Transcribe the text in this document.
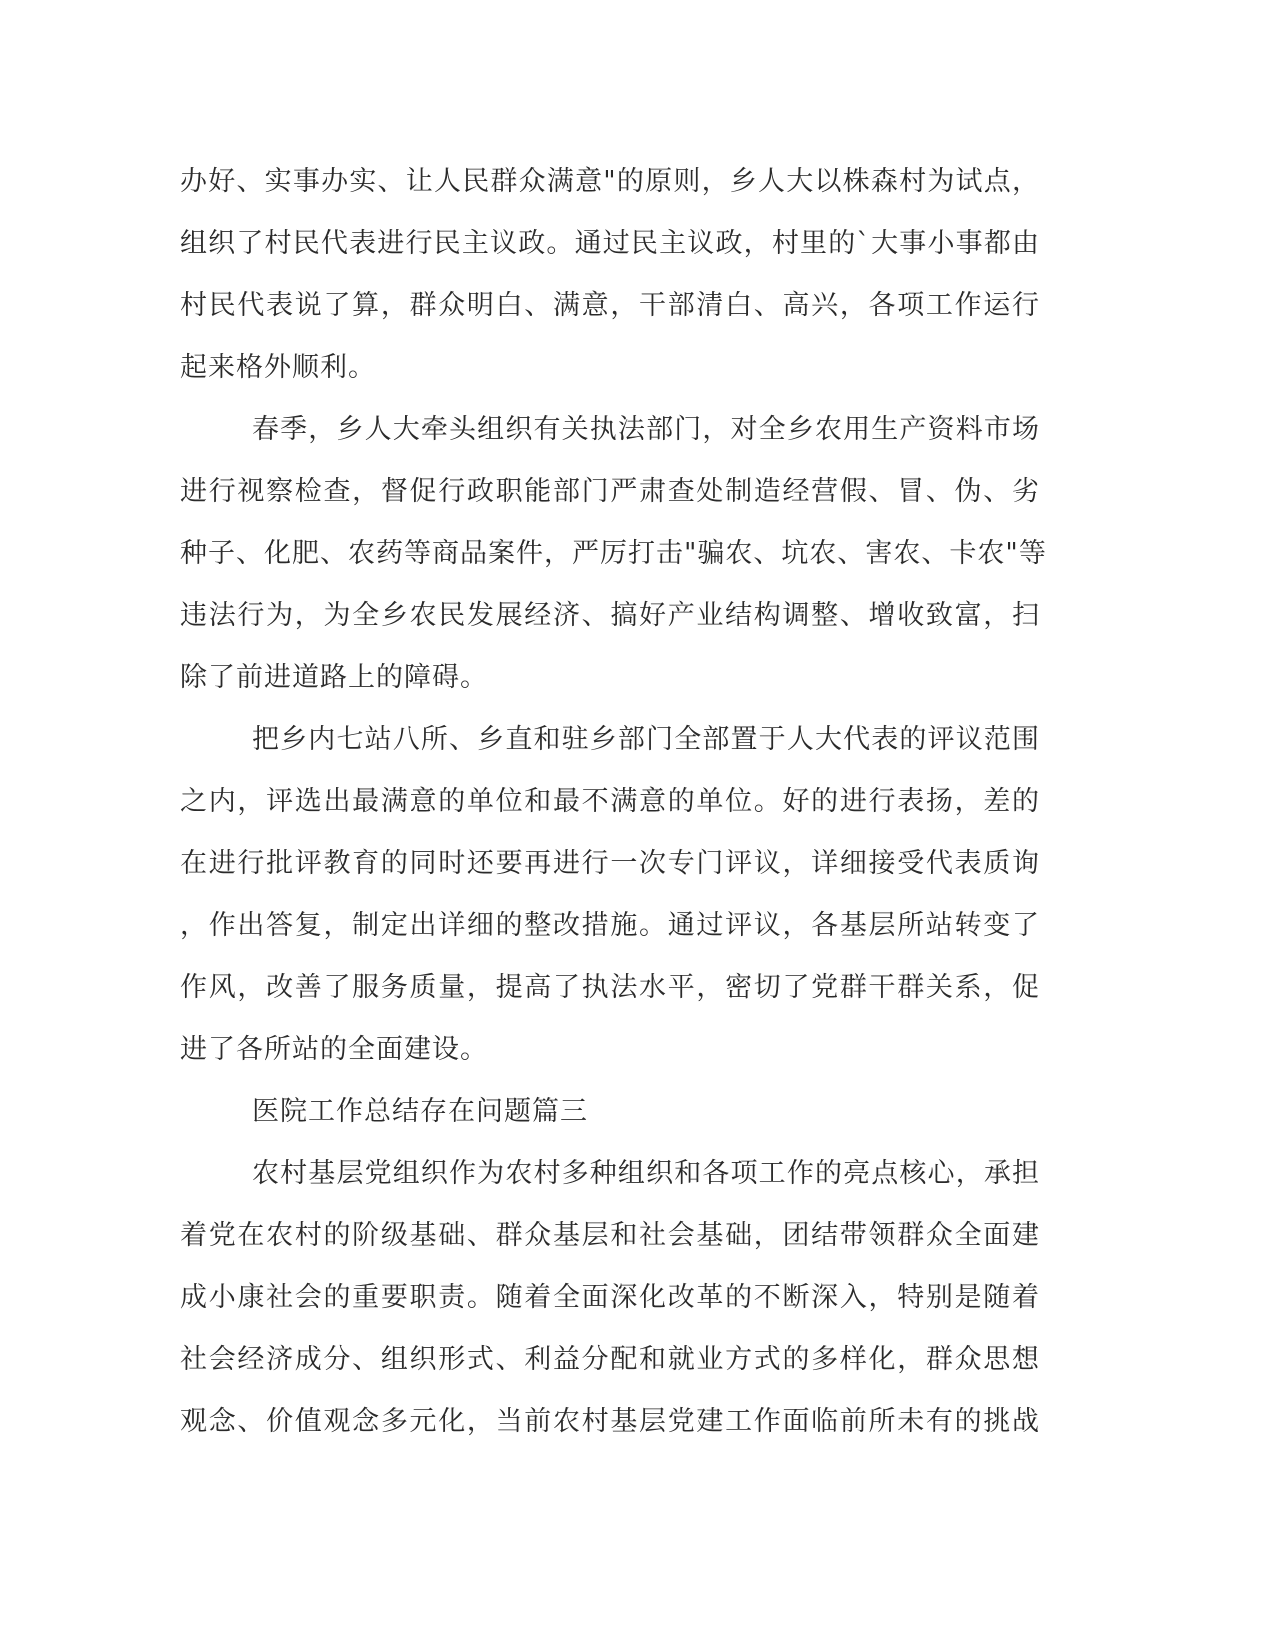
办好、实事办实、让人民群众满意"的原则，乡人大以株森村为试点，
组织了村民代表进行民主议政。通过民主议政，村里的`大事小事都由
村民代表说了算，群众明白、满意，干部清白、高兴，各项工作运行
起来格外顺利。
春季，乡人大牵头组织有关执法部门，对全乡农用生产资料市场
进行视察检查，督促行政职能部门严肃查处制造经营假、冒、伪、劣
种子、化肥、农药等商品案件，严厉打击"骗农、坑农、害农、卡农"等
违法行为，为全乡农民发展经济、搞好产业结构调整、增收致富，扫
除了前进道路上的障碍。
把乡内七站八所、乡直和驻乡部门全部置于人大代表的评议范围
之内，评选出最满意的单位和最不满意的单位。好的进行表扬，差的
在进行批评教育的同时还要再进行一次专门评议，详细接受代表质询
，作出答复，制定出详细的整改措施。通过评议，各基层所站转变了
作风，改善了服务质量，提高了执法水平，密切了党群干群关系，促
进了各所站的全面建设。
医院工作总结存在问题篇三
农村基层党组织作为农村多种组织和各项工作的亮点核心，承担
着党在农村的阶级基础、群众基层和社会基础，团结带领群众全面建
成小康社会的重要职责。随着全面深化改革的不断深入，特别是随着
社会经济成分、组织形式、利益分配和就业方式的多样化，群众思想
观念、价值观念多元化，当前农村基层党建工作面临前所未有的挑战
